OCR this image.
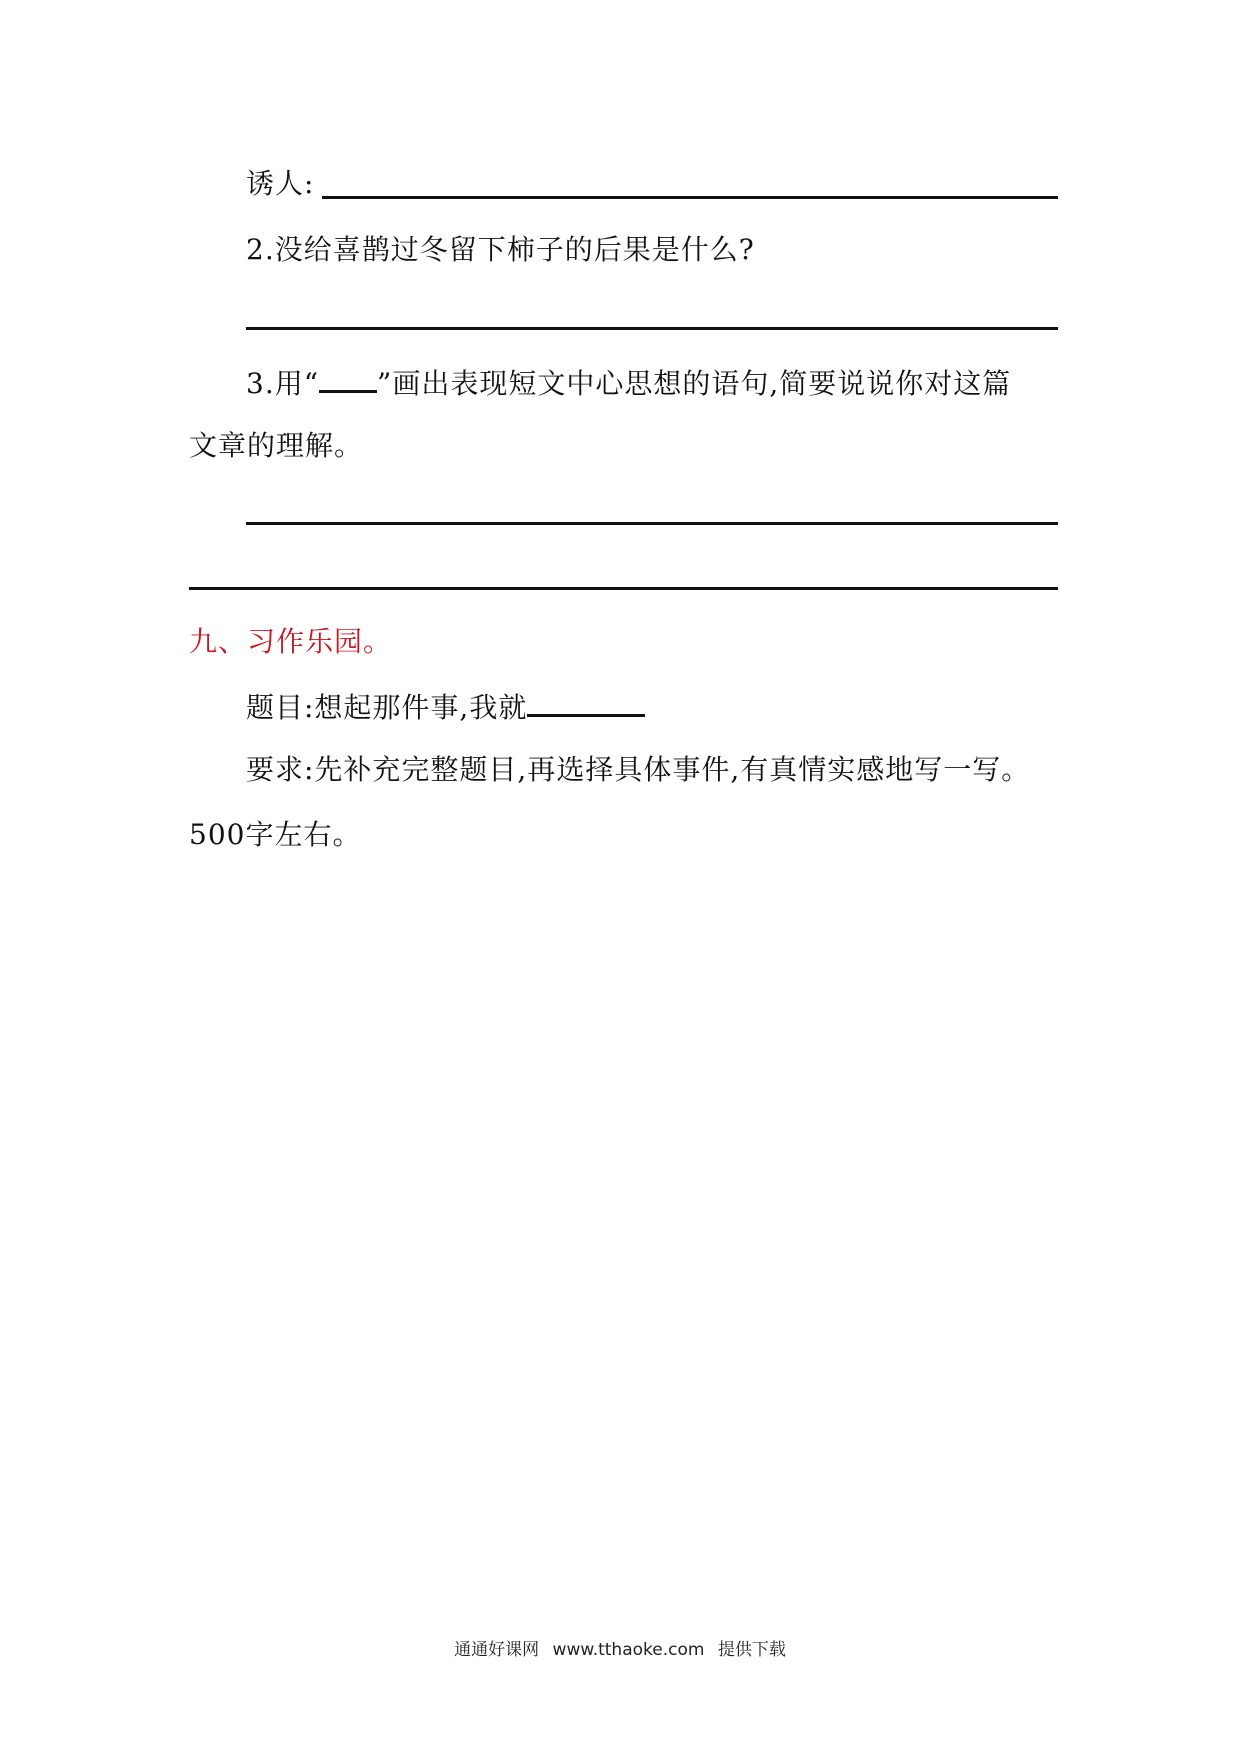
诱人:
2.没给喜鹊过冬留下柿子的后果是什么?
3.用“ ”画出表现短文中心思想的语句,简要说说你对这篇
文章的理解。
九、习作乐园。
题目:想起那件事,我就
要求:先补充完整题目,再选择具体事件,有真情实感地写一写。
500字左右。
通通好课网 www.tthaoke.com 提供下载
